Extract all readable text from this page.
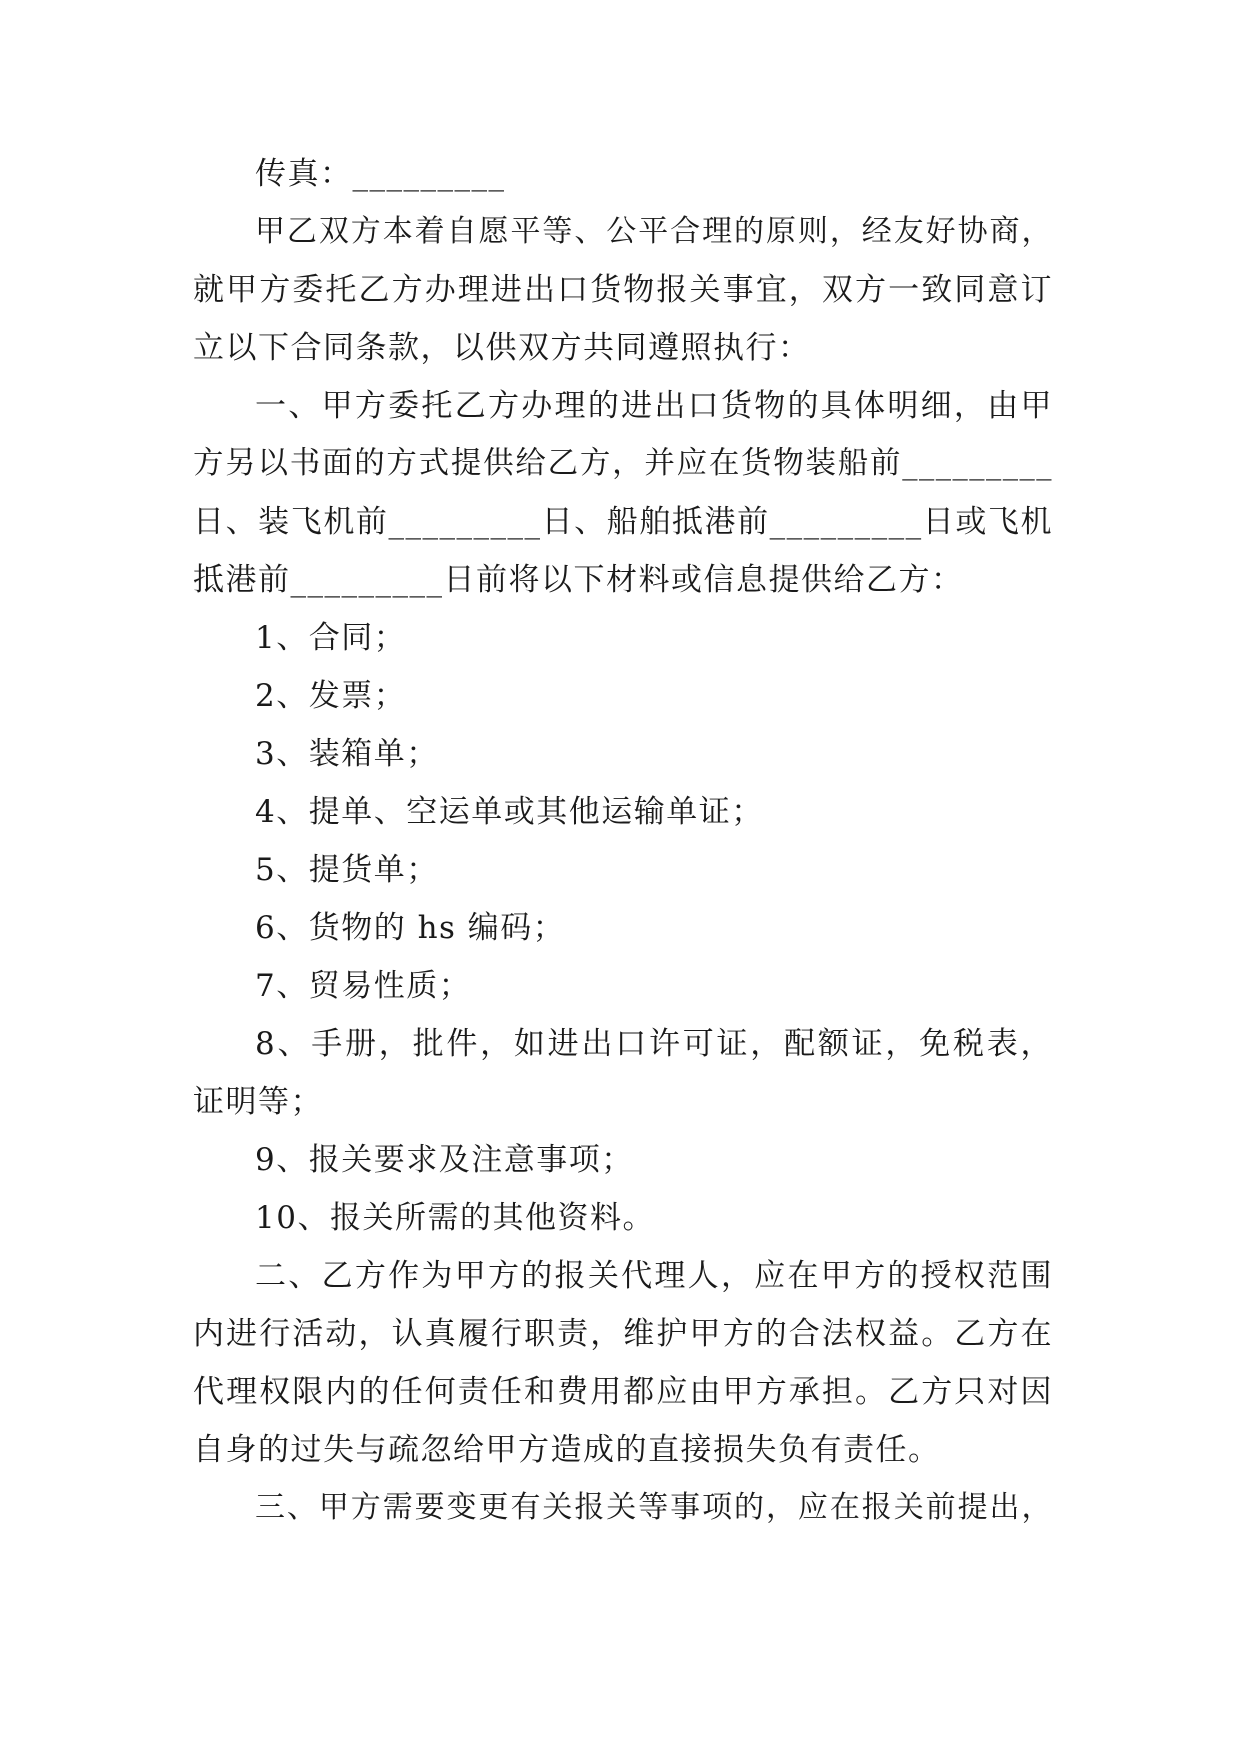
传真：_________
甲乙双方本着自愿平等、公平合理的原则，经友好协商，
就甲方委托乙方办理进出口货物报关事宜，双方一致同意订
立以下合同条款，以供双方共同遵照执行：
一、甲方委托乙方办理的进出口货物的具体明细，由甲
方另以书面的方式提供给乙方，并应在货物装船前_________
日、装飞机前_________日、船舶抵港前_________日或飞机
抵港前_________日前将以下材料或信息提供给乙方：
1、合同；
2、发票；
3、装箱单；
4、提单、空运单或其他运输单证；
5、提货单；
6、货物的 hs 编码；
7、贸易性质；
8、手册，批件，如进出口许可证，配额证，免税表，
证明等；
9、报关要求及注意事项；
10、报关所需的其他资料。
二、乙方作为甲方的报关代理人，应在甲方的授权范围
内进行活动，认真履行职责，维护甲方的合法权益。乙方在
代理权限内的任何责任和费用都应由甲方承担。乙方只对因
自身的过失与疏忽给甲方造成的直接损失负有责任。
三、甲方需要变更有关报关等事项的，应在报关前提出，
